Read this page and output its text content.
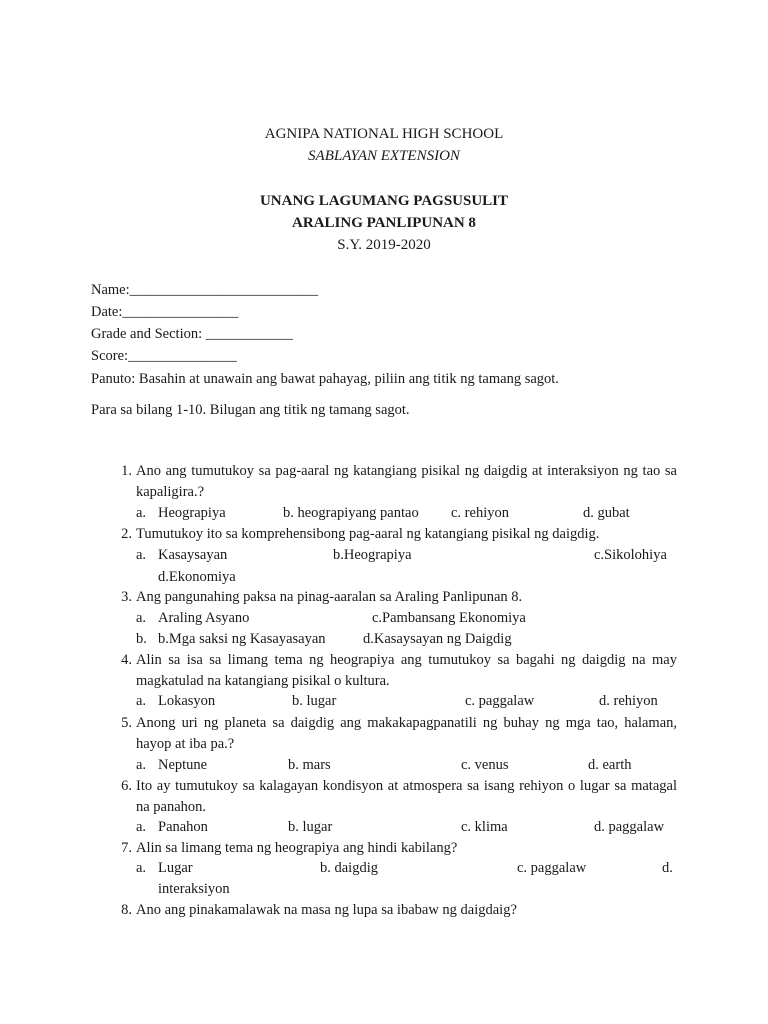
AGNIPA NATIONAL HIGH SCHOOL
SABLAYAN EXTENSION
UNANG LAGUMANG PAGSUSULIT
ARALING PANLIPUNAN 8
S.Y. 2019-2020
Name:__________________________
Date:________________
Grade and Section: ____________
Score:_______________
Panuto: Basahin at unawain ang bawat pahayag, piliin ang titik ng tamang sagot.
Para sa bilang 1-10. Bilugan ang titik ng tamang sagot.
1. Ano ang tumutukoy sa pag-aaral ng katangiang pisikal ng daigdig at interaksiyon ng tao sa kapaligira.?
a. Heograpiya	b. heograpiyang pantao c. rehiyon	d. gubat
2. Tumutukoy ito sa komprehensibong pag-aaral ng katangiang pisikal ng daigdig.
a. Kasaysayan	b.Heograpiya	c.Sikolohiya
d.Ekonomiya
3. Ang pangunahing paksa na pinag-aaralan sa Araling Panlipunan 8.
a. Araling Asyano	c.Pambansang Ekonomiya
b. b.Mga saksi ng Kasayasayan	d.Kasaysayan ng Daigdig
4. Alin sa isa sa limang tema ng heograpiya ang tumutukoy sa bagahi ng daigdig na may magkatulad na katangiang pisikal o kultura.
a. Lokasyon	b. lugar	c. paggalaw	d. rehiyon
5. Anong uri ng planeta sa daigdig ang makakapagpanatili ng buhay ng mga tao, halaman, hayop at iba pa.?
a. Neptune	b. mars	c. venus	d. earth
6. Ito ay tumutukoy sa kalagayan kondisyon at atmospera sa isang rehiyon o lugar sa matagal na panahon.
a. Panahon	b. lugar	c. klima	d. paggalaw
7. Alin sa limang tema ng heograpiya ang hindi kabilang?
a. Lugar	b. daigdig	c. paggalaw	d.
interaksiyon
8. Ano ang pinakamalawak na masa ng lupa sa ibabaw ng daigdaig?
